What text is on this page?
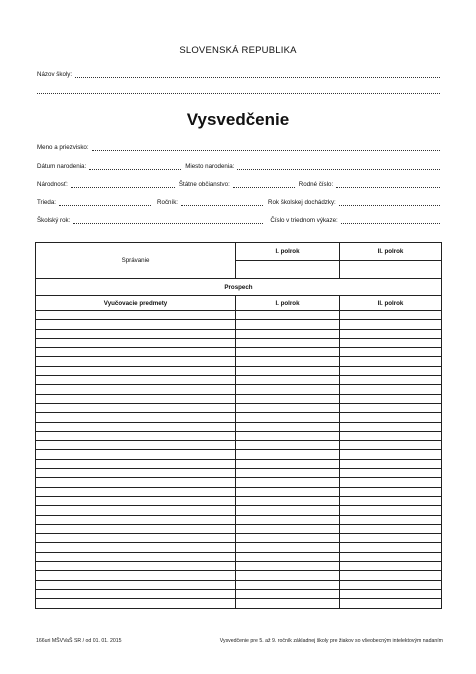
SLOVENSKÁ REPUBLIKA
Názov školy:
Vysvedčenie
Meno a priezvisko:
Dátum narodenia:	Miesto narodenia:
Národnosť:	Štátne občianstvo:	Rodné číslo:
Trieda:	Ročník:	Rok školskej dochádzky:
Školský rok:	Číslo v triednom výkaze:
Správanie	I. polrok	II. polrok

Prospech		
Vyučovacie predmety	I. polrok	II. polrok

166uri MŠVVaŠ SR / od 01. 01. 2015	Vysvedčenie pre 5. až 9. ročník základnej školy pre žiakov so všeobecným intelektovým nadaním
